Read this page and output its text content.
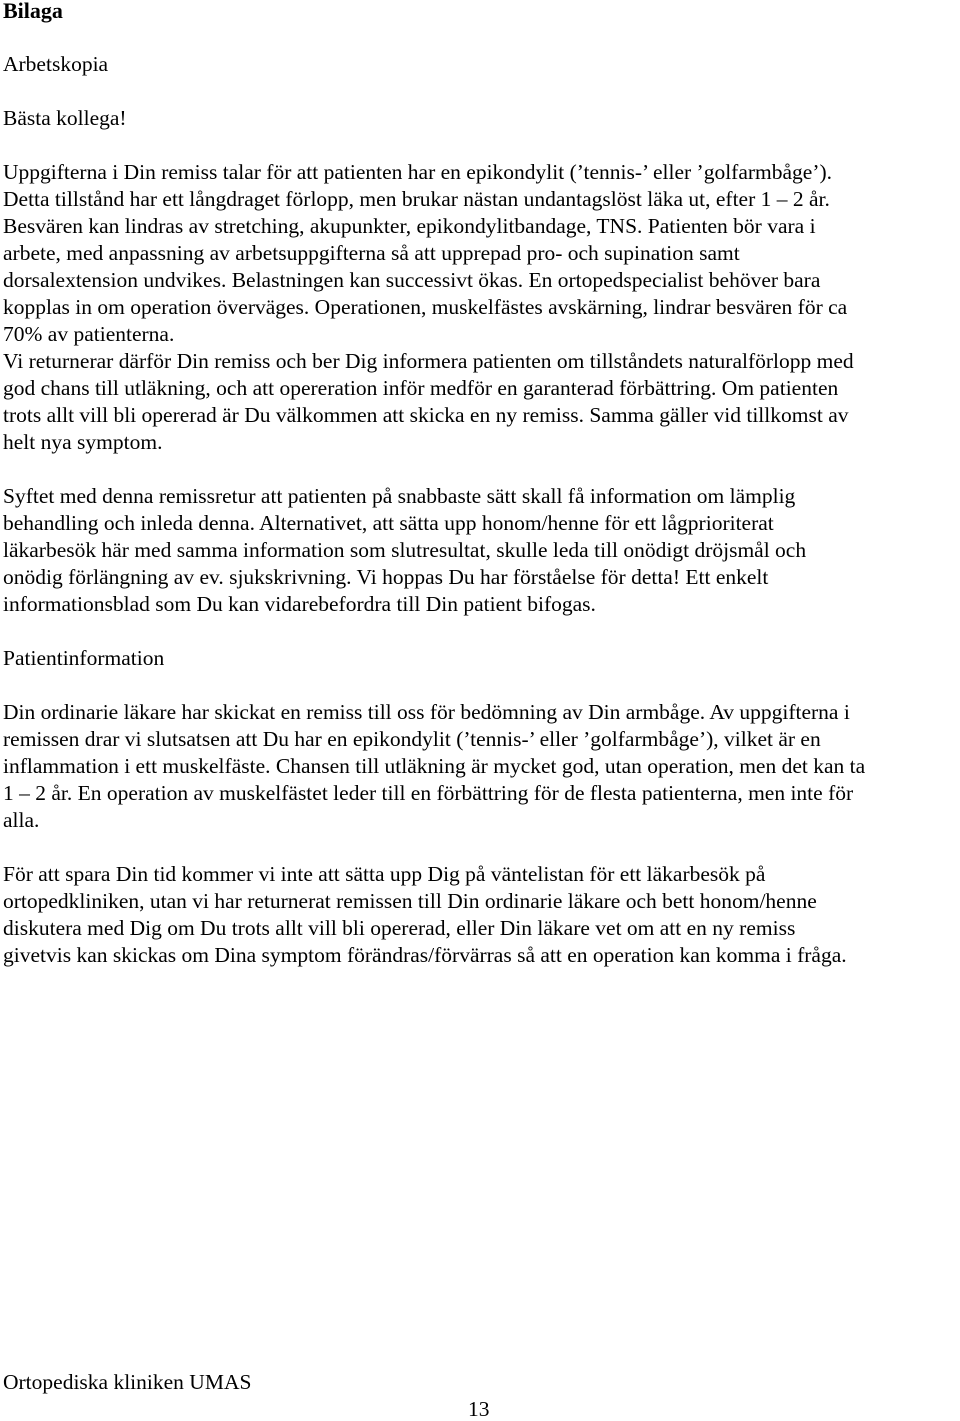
Bilaga
Arbetskopia
Bästa kollega!
Uppgifterna i Din remiss talar för att patienten har en epikondylit (’tennis-’ eller ’golfarmbåge’).
Detta tillstånd har ett långdraget förlopp, men brukar nästan undantagslöst läka ut, efter 1 – 2 år.
Besvären kan lindras av stretching, akupunkter, epikondylitbandage, TNS. Patienten bör vara i
arbete, med anpassning av arbetsuppgifterna så att upprepad pro- och supination samt
dorsalextension undvikes. Belastningen kan successivt ökas. En ortopedspecialist behöver bara
kopplas in om operation överväges. Operationen, muskelfästes avskärning, lindrar besvären för ca
70% av patienterna.
Vi returnerar därför Din remiss och ber Dig informera patienten om tillståndets naturalförlopp med
god chans till utläkning, och att opereration inför medför en garanterad förbättring. Om patienten
trots allt vill bli opererad är Du välkommen att skicka en ny remiss. Samma gäller vid tillkomst av
helt nya symptom.
Syftet med denna remissretur att patienten på snabbaste sätt skall få information om lämplig
behandling och inleda denna. Alternativet, att sätta upp honom/henne för ett lågprioriterat
läkarbesök här med samma information som slutresultat, skulle leda till onödigt dröjsmål och
onödig förlängning av ev. sjukskrivning. Vi hoppas Du har förståelse för detta! Ett enkelt
informationsblad som Du kan vidarebefordra till Din patient bifogas.
Patientinformation
Din ordinarie läkare har skickat en remiss till oss för bedömning av Din armbåge. Av uppgifterna i
remissen drar vi slutsatsen att Du har en epikondylit (’tennis-’ eller ’golfarmbåge’), vilket är en
inflammation i ett muskelfäste. Chansen till utläkning är mycket god, utan operation, men det kan ta
1 – 2 år. En operation av muskelfästet leder till en förbättring för de flesta patienterna, men inte för
alla.
För att spara Din tid kommer vi inte att sätta upp Dig på väntelistan för ett läkarbesök på
ortopedkliniken, utan vi har returnerat remissen till Din ordinarie läkare och bett honom/henne
diskutera med Dig om Du trots allt vill bli opererad, eller Din läkare vet om att en ny remiss
givetvis kan skickas om Dina symptom förändras/förvärras så att en operation kan komma i fråga.
Ortopediska kliniken UMAS
13
